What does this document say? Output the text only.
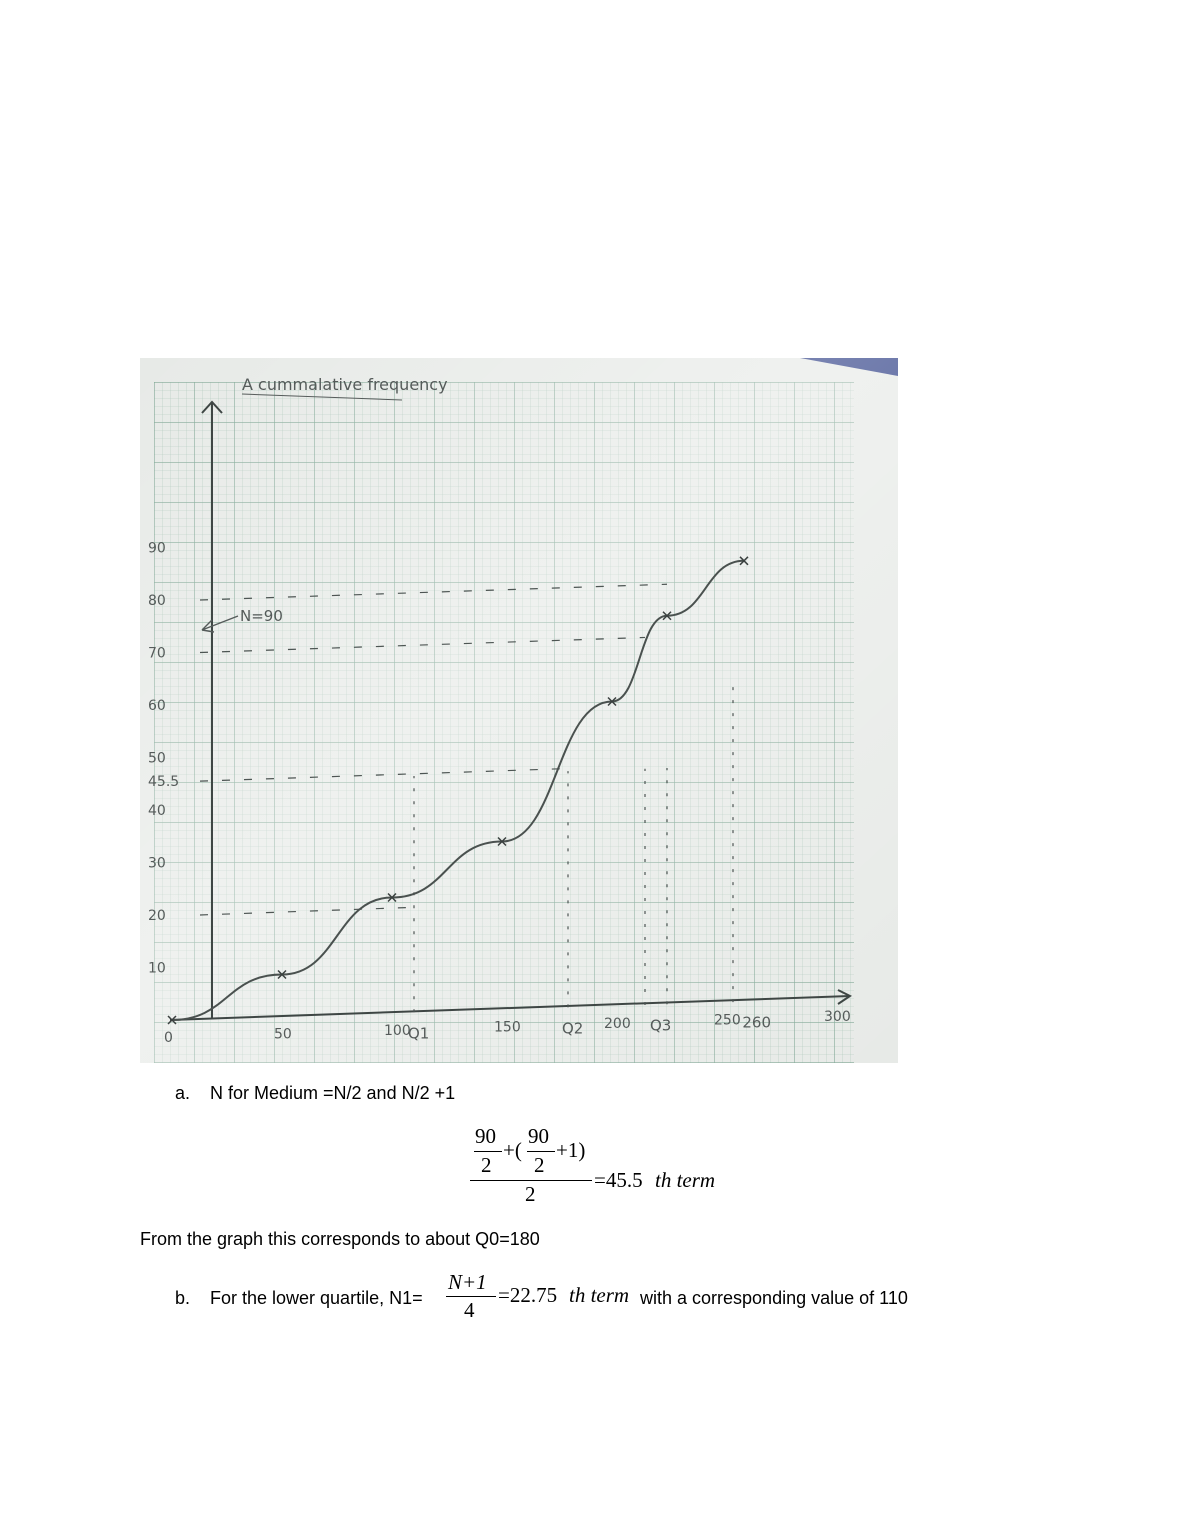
A cummalative frequency
N=90
90
80
70
60
50
45.5
40
30
20
10
0	50	100	150	200	250	300
Q1	Q2	Q3	260
a. N for Medium =N/2 and N/2 +1
90
2
+(
90
2
+1)
2
=45.5 th term
From the graph this corresponds to about Q0=180
b. For the lower quartile, N1=
N+1
4
=22.75 th term with a corresponding value of 110
